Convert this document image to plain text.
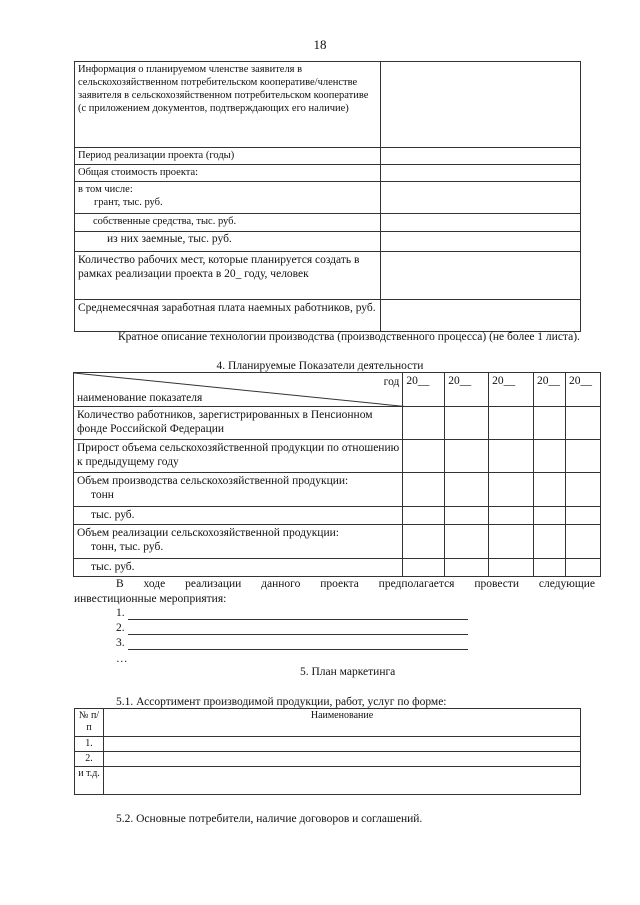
18
Информация о планируемом членстве заявителя в сельскохозяйственном потребительском кооперативе/членстве заявителя в сельскохозяйственном потребительском кооперативе (с приложением документов, подтверждающих его наличие)	
Период реализации проекта (годы)	
Общая стоимость проекта:	

в том числе:
грант, тыс. руб.	

собственные средства, тыс. руб.	
из них заемные, тыс. руб.	
Количество рабочих мест, которые планируется создать в рамках реализации проекта в 20_ году, человек	
Среднемесячная заработная плата наемных работников, руб.	
Кратное описание технологии производства (производственного процесса) (не более 1 листа).
4. Планируемые Показатели деятельности
год
наименование показателя	20__	20__	20__	20__	20__
Количество работников, зарегистрированных в Пенсионном фонде Российской Федерации					
Прирост объема сельскохозяйственной продукции по отношению к предыдущему году					

Объем производства сельскохозяйственной продукции:
тонн					

тыс. руб.					

Объем реализации сельскохозяйственной продукции:
тонн, тыс. руб.					

тыс. руб.					
В ходе реализации данного проекта предполагается провести следующие
инвестиционные мероприятия:
1.
2.
3.
…
5. План маркетинга
5.1. Ассортимент производимой продукции, работ, услуг по форме:
№ п/п	Наименование
1.	
2.	
и т.д.	
5.2. Основные потребители, наличие договоров и соглашений.
